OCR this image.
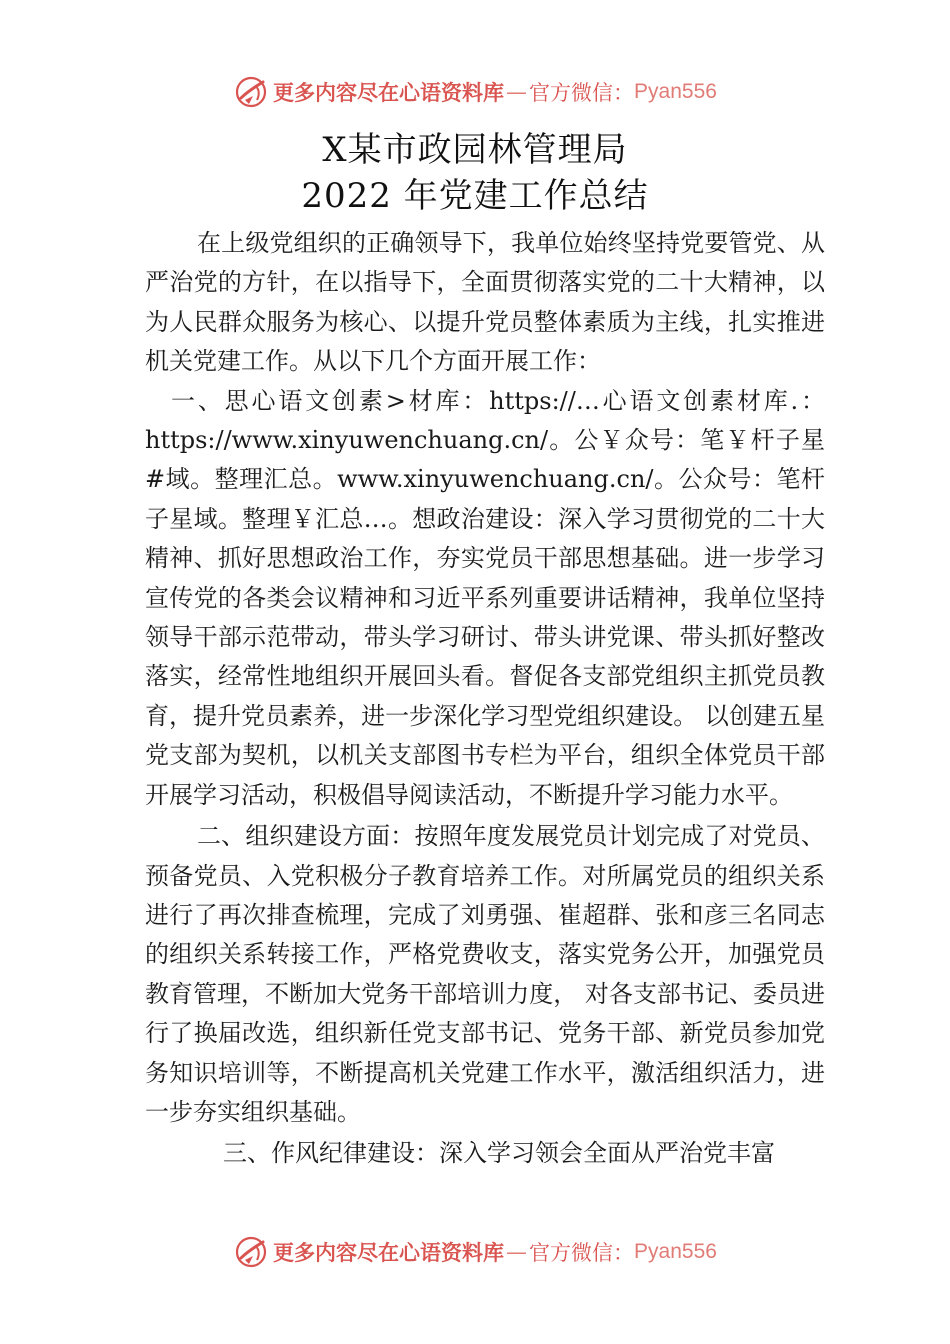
更多内容尽在心语资料库 — 官方微信： Pyan556
X某市政园林管理局
2022 年党建工作总结

在上级党组织的正确领导下，我单位始终坚持党要管党、从严治党的方针，在以指导下，全面贯彻落实党的二十大精神，以为人民群众服务为核心、以提升党员整体素质为主线，扎实推进机关党建工作。从以下几个方面开展工作：

一、思心语文创素>材库：https://…心语文创素材库.：https://www.xinyuwenchuang.cn/。公￥众号：笔￥杆子星#域。整理汇总。www.xinyuwenchuang.cn/。公众号：笔杆子星域。整理￥汇总…。想政治建设：深入学习贯彻党的二十大精神、抓好思想政治工作，夯实党员干部思想基础。进一步学习宣传党的各类会议精神和习近平系列重要讲话精神，我单位坚持领导干部示范带动，带头学习研讨、带头讲党课、带头抓好整改落实，经常性地组织开展回头看。督促各支部党组织主抓党员教育，提升党员素养，进一步深化学习型党组织建设。 以创建五星党支部为契机，以机关支部图书专栏为平台，组织全体党员干部开展学习活动，积极倡导阅读活动，不断提升学习能力水平。

二、组织建设方面：按照年度发展党员计划完成了对党员、预备党员、入党积极分子教育培养工作。对所属党员的组织关系进行了再次排查梳理，完成了刘勇强、崔超群、张和彦三名同志的组织关系转接工作，严格党费收支，落实党务公开，加强党员教育管理，不断加大党务干部培训力度， 对各支部书记、委员进行了换届改选，组织新任党支部书记、党务干部、新党员参加党务知识培训等，不断提高机关党建工作水平，激活组织活力，进一步夯实组织基础。

三、作风纪律建设：深入学习领会全面从严治党丰富

更多内容尽在心语资料库 — 官方微信： Pyan556
